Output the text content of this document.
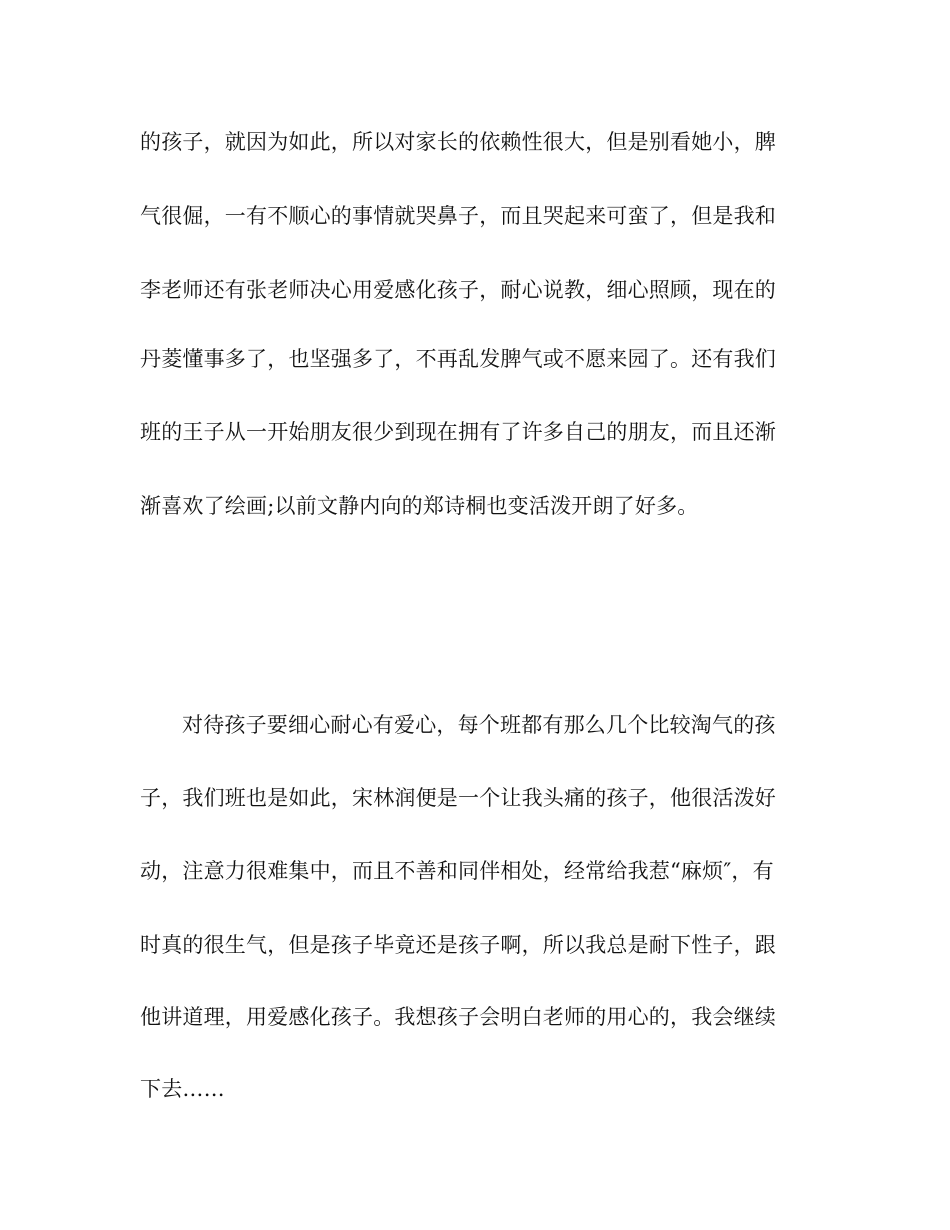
的孩子，就因为如此，所以对家长的依赖性很大，但是别看她小，脾
气很倔，一有不顺心的事情就哭鼻子，而且哭起来可蛮了，但是我和
李老师还有张老师决心用爱感化孩子，耐心说教，细心照顾，现在的
丹菱懂事多了，也坚强多了，不再乱发脾气或不愿来园了。还有我们
班的王子从一开始朋友很少到现在拥有了许多自己的朋友，而且还渐
渐喜欢了绘画;以前文静内向的郑诗桐也变活泼开朗了好多。
对待孩子要细心耐心有爱心，每个班都有那么几个比较淘气的孩
子，我们班也是如此，宋林润便是一个让我头痛的孩子，他很活泼好
动，注意力很难集中，而且不善和同伴相处，经常给我惹“麻烦″，有
时真的很生气，但是孩子毕竟还是孩子啊，所以我总是耐下性子，跟
他讲道理，用爱感化孩子。我想孩子会明白老师的用心的，我会继续
下去……
